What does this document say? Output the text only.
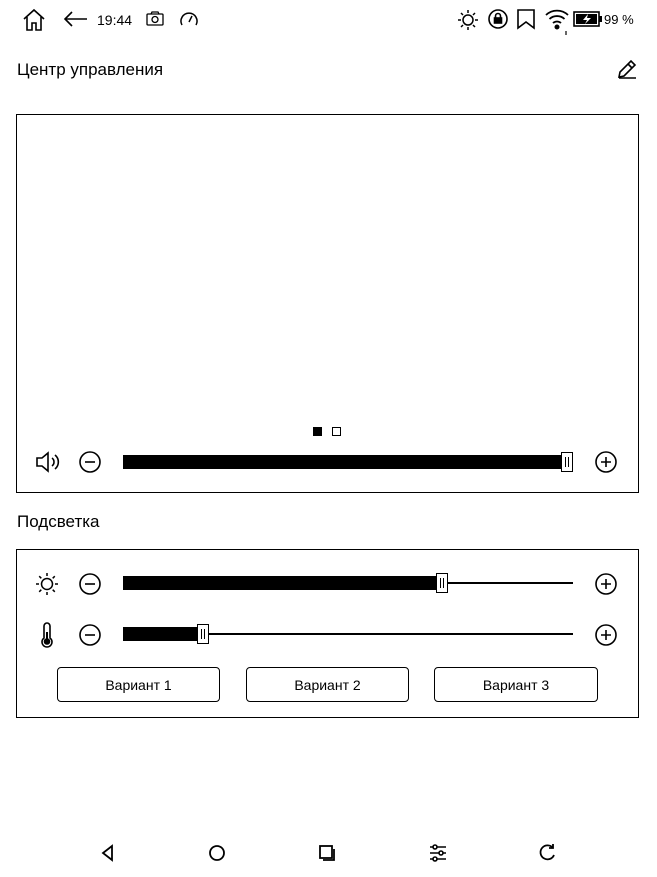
19:44	99 %
Центр управления
Подсветка
Вариант 1	Вариант 2	Вариант 3
